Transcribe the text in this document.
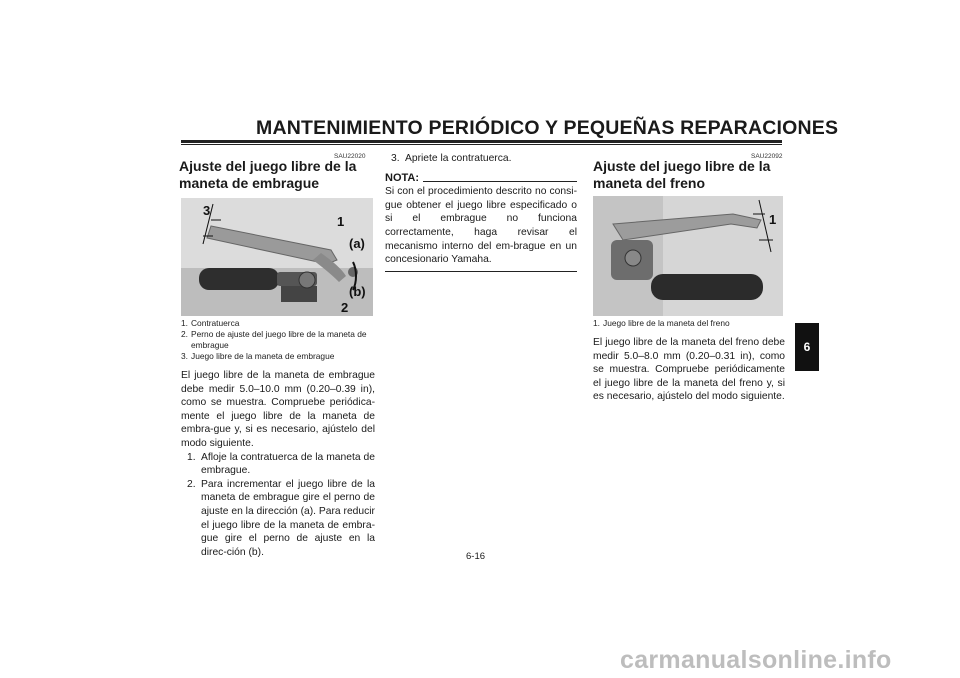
MANTENIMIENTO PERIÓDICO Y PEQUEÑAS REPARACIONES
SAU22020
Ajuste del juego libre de la maneta de embrague
3
1
(a)
(b)
2
1. Contratuerca
2. Perno de ajuste del juego libre de la maneta de embrague
3. Juego libre de la maneta de embrague
El juego libre de la maneta de embrague debe medir 5.0–10.0 mm (0.20–0.39 in), como se muestra. Compruebe periódica-mente el juego libre de la maneta de embra-gue y, si es necesario, ajústelo del modo siguiente.
1. Afloje la contratuerca de la maneta de embrague.
2. Para incrementar el juego libre de la maneta de embrague gire el perno de ajuste en la dirección (a). Para reducir el juego libre de la maneta de embra-gue gire el perno de ajuste en la direc-ción (b).
3. Apriete la contratuerca.
NOTA:
Si con el procedimiento descrito no consi-gue obtener el juego libre especificado o si el embrague no funciona correctamente, haga revisar el mecanismo interno del em-brague en un concesionario Yamaha.
SAU22092
Ajuste del juego libre de la maneta del freno
1
1. Juego libre de la maneta del freno
El juego libre de la maneta del freno debe medir 5.0–8.0 mm (0.20–0.31 in), como se muestra. Compruebe periódicamente el juego libre de la maneta del freno y, si es necesario, ajústelo del modo siguiente.
6
6-16
carmanualsonline.info
